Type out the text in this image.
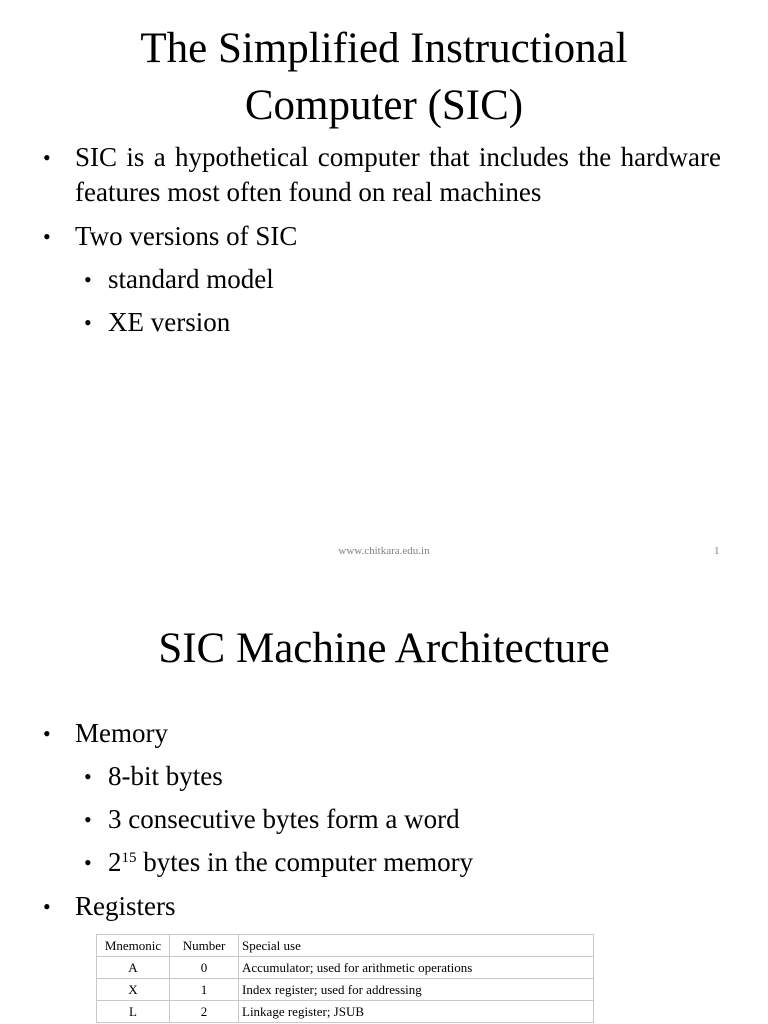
The Simplified Instructional
Computer (SIC)
• SIC is a hypothetical computer that includes the hardware features most often found on real machines
• Two versions of SIC
• standard model
• XE version
www.chitkara.edu.in	1
SIC Machine Architecture
• Memory
• 8-bit bytes
• 3 consecutive bytes form a word
• $2^{15}$ bytes in the computer memory
• Registers
Mnemonic	Number	Special use
A	0	Accumulator; used for arithmetic operations
X	1	Index register; used for addressing
L	2	Linkage register; JSUB
